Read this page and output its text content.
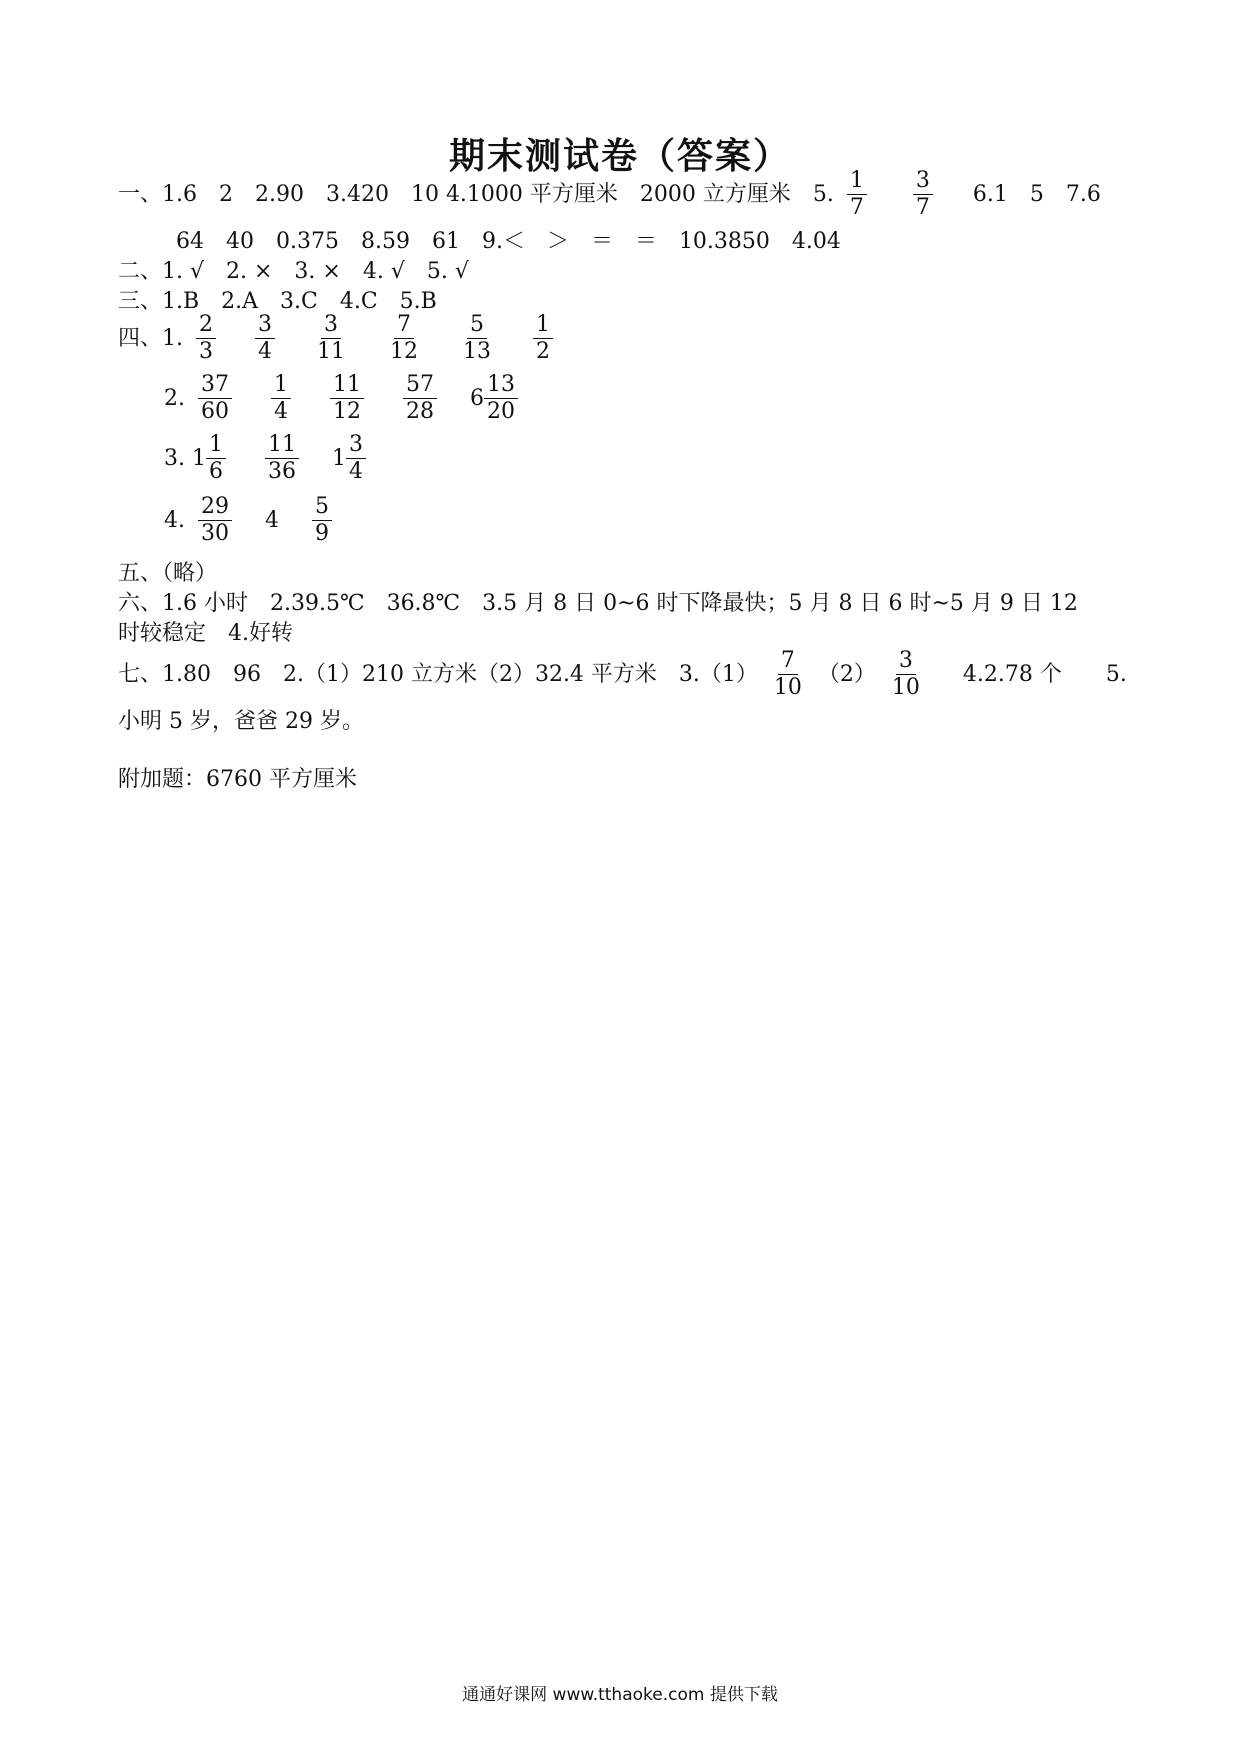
期末测试卷（答案）
一、1.6　2　2.90　3.420　10 4.1000 平方厘米　2000 立方厘米　5. $\frac{1}{7}$
$\frac{3}{7} 6.1$　5　7.6
64　40　0.375　8.59　61　9.＜　＞　＝　＝　10.3850　4.04
二、1. √　2. ×　3. ×　4. √　5. √
三、1.B　2.A　3.C　4.C　5.B
四、1. $\frac{2}{3}$
$\frac{3}{4}$
$\frac{3}{11}$
$\frac{7}{12}$
$\frac{5}{13}$
$\frac{1}{2}$
2. $\frac{37}{60}$
$\frac{1}{4}$
$\frac{11}{12}$
$\frac{57}{28} 6 \frac{13}{20}$
3. $1 \frac{1}{6}$
$\frac{11}{36} 1 \frac{3}{4}$
4. $\frac{29}{30} 4 \frac{5}{9}$
五、（略）
六、1.6 小时　2.39.5℃　36.8℃　3.5 月 8 日 0~6 时下降最快；5 月 8 日 6 时~5 月 9 日 12
时较稳定　4.好转
七、1.80　96　2.（1）210 立方米（2）32.4 平方米　$3.(1) \frac{7}{10} (2) \frac{3}{10} 4.2.78$ 个　　5.
小明 5 岁，爸爸 29 岁。
附加题：6760 平方厘米
通通好课网 www.tthaoke.com 提供下载
